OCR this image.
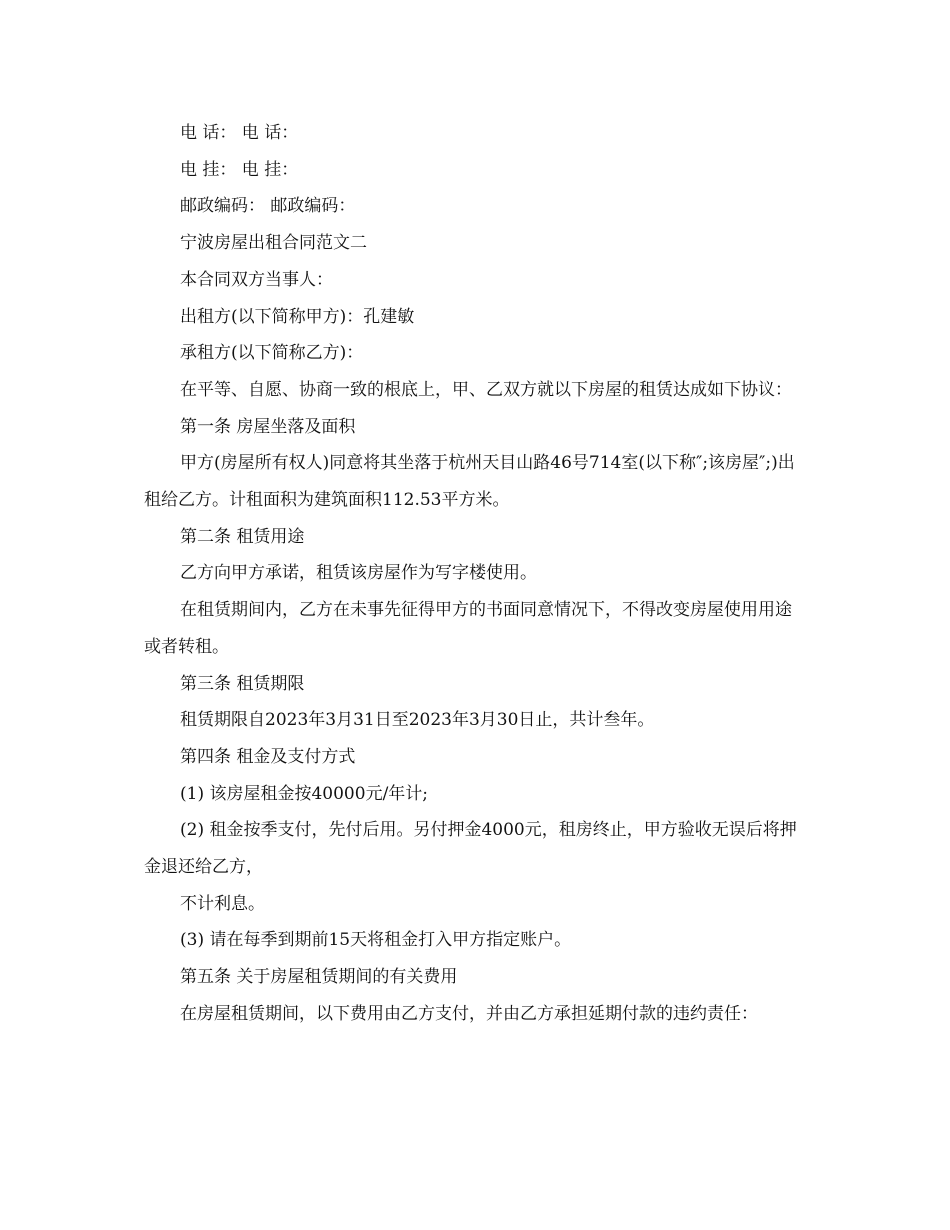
电 话： 电 话：

电 挂： 电 挂：

邮政编码： 邮政编码：

宁波房屋出租合同范文二

本合同双方当事人：

出租方(以下简称甲方)：孔建敏

承租方(以下简称乙方)：

在平等、自愿、协商一致的根底上，甲、乙双方就以下房屋的租赁达成如下协议：

第一条 房屋坐落及面积

甲方(房屋所有权人)同意将其坐落于杭州天目山路46号714室(以下称″;该房屋″;)出租给乙方。计租面积为建筑面积112.53平方米。

第二条 租赁用途

乙方向甲方承诺，租赁该房屋作为写字楼使用。

在租赁期间内，乙方在未事先征得甲方的书面同意情况下，不得改变房屋使用用途或者转租。

第三条 租赁期限

租赁期限自2023年3月31日至2023年3月30日止，共计叁年。

第四条 租金及支付方式

(1) 该房屋租金按40000元/年计;

(2) 租金按季支付，先付后用。另付押金4000元，租房终止，甲方验收无误后将押金退还给乙方，

不计利息。

(3) 请在每季到期前15天将租金打入甲方指定账户。

第五条 关于房屋租赁期间的有关费用

在房屋租赁期间，以下费用由乙方支付，并由乙方承担延期付款的违约责任：
